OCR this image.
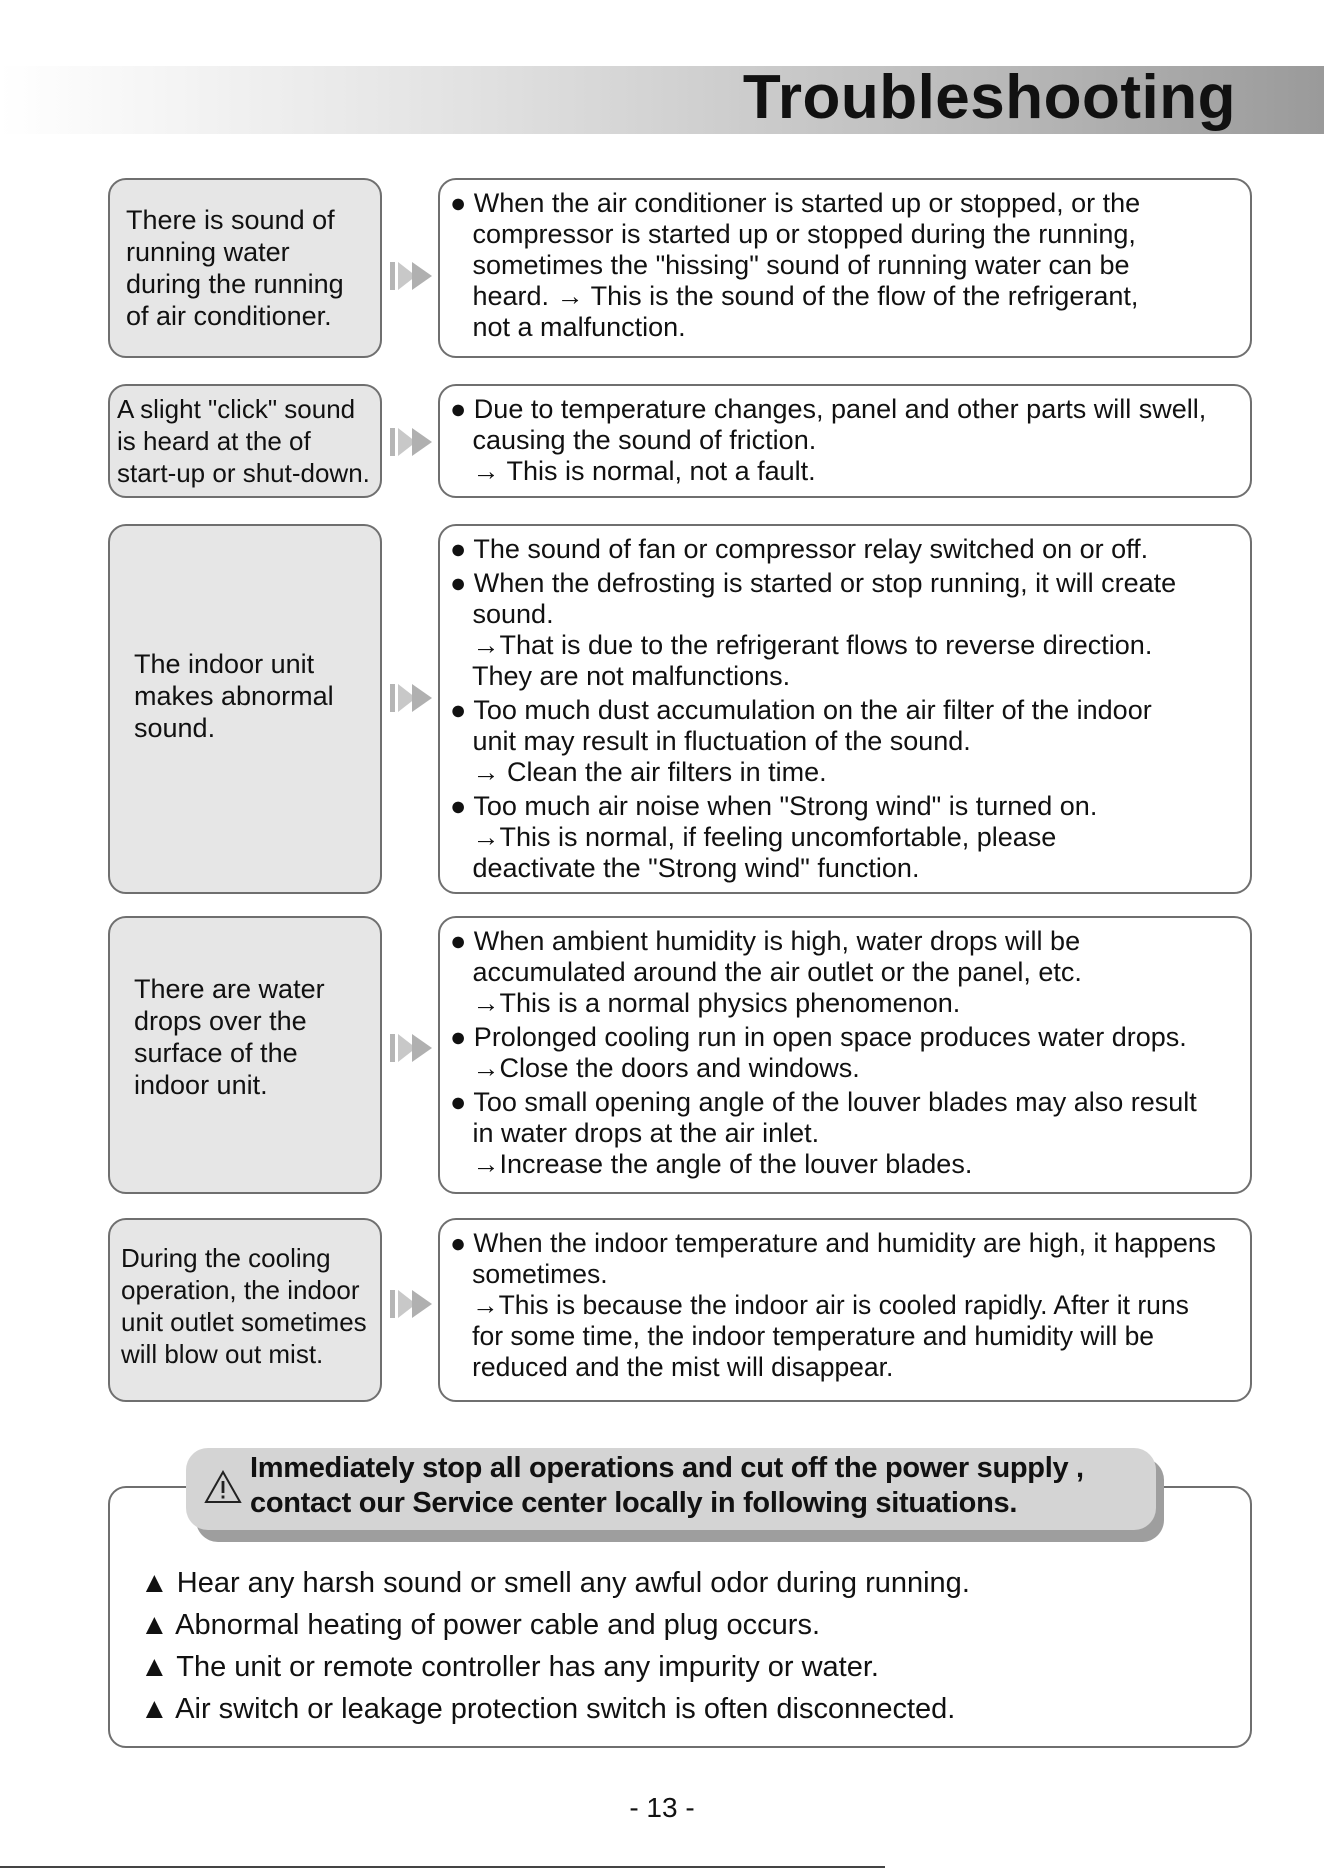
Troubleshooting
There is sound of
running water
during the running
of air conditioner.
● When the air conditioner is started up or stopped, or the
compressor is started up or stopped during the running,
sometimes the "hissing" sound of running water can be
heard. → This is the sound of the flow of the refrigerant,
not a malfunction.
A slight "click" sound
is heard at the of
start-up or shut-down.
● Due to temperature changes, panel and other parts will swell,
causing the sound of friction.
→ This is normal, not a fault.
The indoor unit
makes abnormal
sound.
● The sound of fan or compressor relay switched on or off.
● When the defrosting is started or stop running, it will create
sound.
→That is due to the refrigerant flows to reverse direction.
They are not malfunctions.
● Too much dust accumulation on the air filter of the indoor
unit may result in fluctuation of the sound.
→ Clean the air filters in time.
● Too much air noise when "Strong wind" is turned on.
→This is normal, if feeling uncomfortable, please
deactivate the "Strong wind" function.
There are water
drops over the
surface of the
indoor unit.
● When ambient humidity is high, water drops will be
accumulated around the air outlet or the panel, etc.
→This is a normal physics phenomenon.
● Prolonged cooling run in open space produces water drops.
→Close the doors and windows.
● Too small opening angle of the louver blades may also result
in water drops at the air inlet.
→Increase the angle of the louver blades.
During the cooling
operation, the indoor
unit outlet sometimes
will blow out mist.
● When the indoor temperature and humidity are high, it happens
sometimes.
→This is because the indoor air is cooled rapidly. After it runs
for some time, the indoor temperature and humidity will be
reduced and the mist will disappear.
Immediately stop all operations and cut off the power supply ,
contact our Service center locally in following situations.
▲ Hear any harsh sound or smell any awful odor during running.
▲ Abnormal heating of power cable and plug occurs.
▲ The unit or remote controller has any impurity or water.
▲ Air switch or leakage protection switch is often disconnected.
- 13 -
